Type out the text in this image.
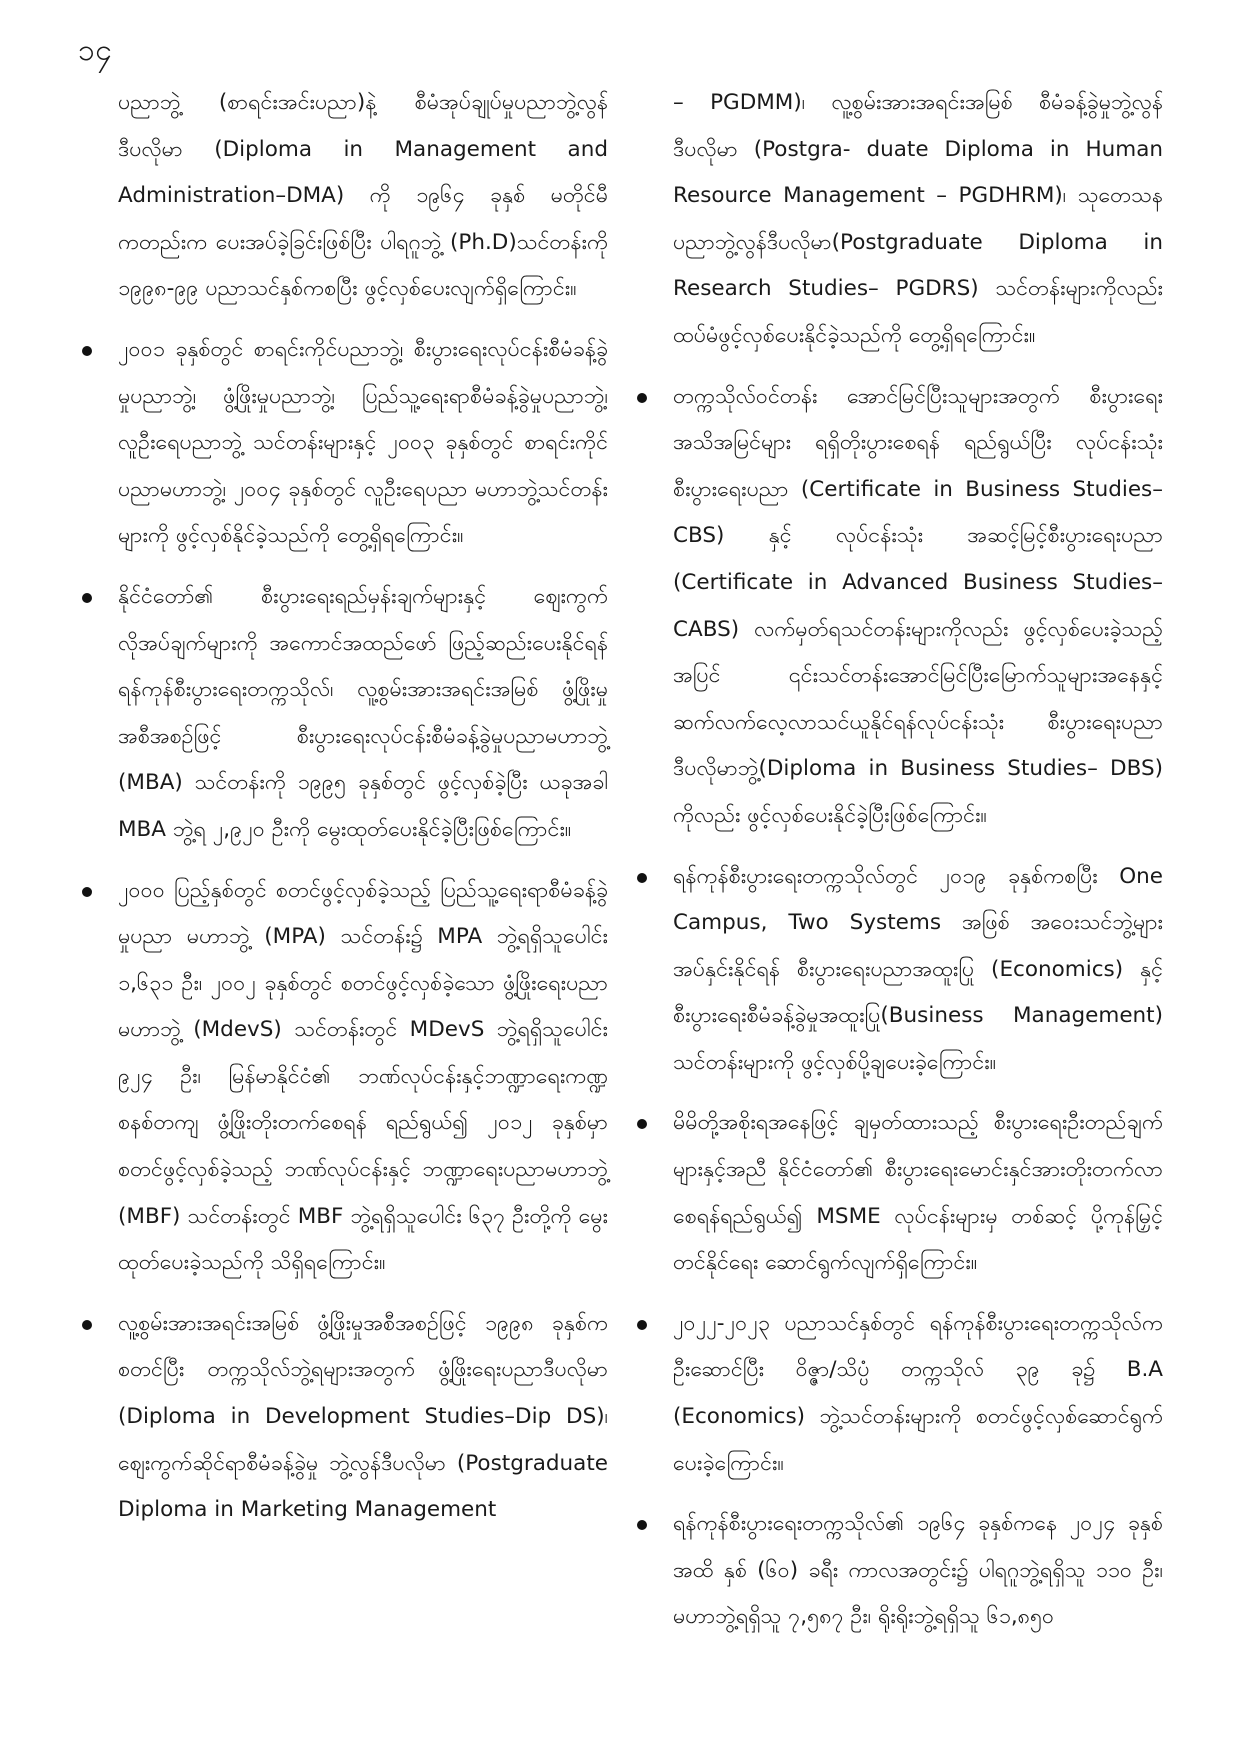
၁၄

ပညာဘွဲ့ (စာရင်းအင်းပညာ)နဲ့ စီမံအုပ်ချုပ်မှုပညာဘွဲ့လွန်ဒီပလိုမာ (Diploma in Management and Administration–DMA) ကို ၁၉၆၄ ခုနှစ် မတိုင်မီကတည်းက ပေးအပ်ခဲ့ခြင်းဖြစ်ပြီး ပါရဂူဘွဲ့ (Ph.D)သင်တန်းကို ၁၉၉၈-၉၉ ပညာသင်နှစ်ကစပြီး ဖွင့်လှစ်ပေးလျက်ရှိကြောင်း။

၂၀၀၁ ခုနှစ်တွင် စာရင်းကိုင်ပညာဘွဲ့၊ စီးပွားရေးလုပ်ငန်းစီမံခန့်ခွဲမှုပညာဘွဲ့၊ ဖွံ့ဖြိုးမှုပညာဘွဲ့၊ ပြည်သူ့ရေးရာစီမံခန့်ခွဲမှုပညာဘွဲ့၊ လူဦးရေပညာဘွဲ့ သင်တန်းများနှင့် ၂၀၀၃ ခုနှစ်တွင် စာရင်းကိုင်ပညာမဟာဘွဲ့၊ ၂၀၀၄ ခုနှစ်တွင် လူဦးရေပညာ မဟာဘွဲ့သင်တန်းများကို ဖွင့်လှစ်နိုင်ခဲ့သည်ကို တွေ့ရှိရကြောင်း။

နိုင်ငံတော်၏ စီးပွားရေးရည်မှန်းချက်များနှင့် ဈေးကွက်လိုအပ်ချက်များကို အကောင်အထည်ဖော် ဖြည့်ဆည်းပေးနိုင်ရန် ရန်ကုန်စီးပွားရေးတက္ကသိုလ်၊ လူ့စွမ်းအားအရင်းအမြစ် ဖွံ့ဖြိုးမှု အစီအစဉ်ဖြင့် စီးပွားရေးလုပ်ငန်းစီမံခန့်ခွဲမှုပညာမဟာဘွဲ့ (MBA) သင်တန်းကို ၁၉၉၅ ခုနှစ်တွင် ဖွင့်လှစ်ခဲ့ပြီး ယခုအခါ MBA ဘွဲ့ရ ၂,၉၂၀ ဦးကို မွေးထုတ်ပေးနိုင်ခဲ့ပြီးဖြစ်ကြောင်း။

၂၀၀၀ ပြည့်နှစ်တွင် စတင်ဖွင့်လှစ်ခဲ့သည့် ပြည်သူ့ရေးရာစီမံခန့်ခွဲမှုပညာ မဟာဘွဲ့ (MPA) သင်တန်း၌ MPA ဘွဲ့ရရှိသူပေါင်း ၁,၆၃၁ ဦး၊ ၂၀၀၂ ခုနှစ်တွင် စတင်ဖွင့်လှစ်ခဲ့သော ဖွံ့ဖြိုးရေးပညာမဟာဘွဲ့ (MdevS) သင်တန်းတွင် MDevS ဘွဲ့ရရှိသူပေါင်း ၉၂၄ ဦး၊ မြန်မာနိုင်ငံ၏ ဘဏ်လုပ်ငန်းနှင့်ဘဏ္ဍာရေးကဏ္ဍစနစ်တကျ ဖွံ့ဖြိုးတိုးတက်စေရန် ရည်ရွယ်၍ ၂၀၁၂ ခုနှစ်မှာ စတင်ဖွင့်လှစ်ခဲ့သည့် ဘဏ်လုပ်ငန်းနှင့် ဘဏ္ဍာရေးပညာမဟာဘွဲ့ (MBF) သင်တန်းတွင် MBF ဘွဲ့ရရှိသူပေါင်း ၆၃၇ ဦးတို့ကို မွေးထုတ်ပေးခဲ့သည်ကို သိရှိရကြောင်း။

လူ့စွမ်းအားအရင်းအမြစ် ဖွံ့ဖြိုးမှုအစီအစဉ်ဖြင့် ၁၉၉၈ ခုနှစ်ကစတင်ပြီး တက္ကသိုလ်ဘွဲ့ရများအတွက် ဖွံ့ဖြိုးရေးပညာဒီပလိုမာ (Diploma in Development Studies–Dip DS)၊ ဈေးကွက်ဆိုင်ရာစီမံခန့်ခွဲမှု ဘွဲ့လွန်ဒီပလိုမာ (Postgraduate Diploma in Marketing Management

– PGDMM)၊ လူ့စွမ်းအားအရင်းအမြစ် စီမံခန့်ခွဲမှုဘွဲ့လွန်ဒီပလိုမာ (Postgra- duate Diploma in Human Resource Management – PGDHRM)၊ သုတေသနပညာဘွဲ့လွန်ဒီပလိုမာ(Postgraduate Diploma in Research Studies– PGDRS) သင်တန်းများကိုလည်း ထပ်မံဖွင့်လှစ်ပေးနိုင်ခဲ့သည်ကို တွေ့ရှိရကြောင်း။

တက္ကသိုလ်ဝင်တန်း အောင်မြင်ပြီးသူများအတွက် စီးပွားရေးအသိအမြင်များ ရရှိတိုးပွားစေရန် ရည်ရွယ်ပြီး လုပ်ငန်းသုံး စီးပွားရေးပညာ (Certificate in Business Studies– CBS) နှင့် လုပ်ငန်းသုံး အဆင့်မြင့်စီးပွားရေးပညာ (Certificate in Advanced Business Studies– CABS) လက်မှတ်ရသင်တန်းများကိုလည်း ဖွင့်လှစ်ပေးခဲ့သည့်အပြင် ၎င်းသင်တန်းအောင်မြင်ပြီးမြောက်သူများအနေနှင့် ဆက်လက်လေ့လာသင်ယူနိုင်ရန်လုပ်ငန်းသုံး စီးပွားရေးပညာဒီပလိုမာဘွဲ့(Diploma in Business Studies– DBS) ကိုလည်း ဖွင့်လှစ်ပေးနိုင်ခဲ့ပြီးဖြစ်ကြောင်း။

ရန်ကုန်စီးပွားရေးတက္ကသိုလ်တွင် ၂၀၁၉ ခုနှစ်ကစပြီး One Campus, Two Systems အဖြစ် အဝေးသင်ဘွဲ့များ အပ်နှင်းနိုင်ရန် စီးပွားရေးပညာအထူးပြု (Economics) နှင့် စီးပွားရေးစီမံခန့်ခွဲမှုအထူးပြု(Business Management) သင်တန်းများကို ဖွင့်လှစ်ပို့ချပေးခဲ့ကြောင်း။

မိမိတို့အစိုးရအနေဖြင့် ချမှတ်ထားသည့် စီးပွားရေးဦးတည်ချက်များနှင့်အညီ နိုင်ငံတော်၏ စီးပွားရေးမောင်းနှင်အားတိုးတက်လာစေရန်ရည်ရွယ်၍ MSME လုပ်ငန်းများမှ တစ်ဆင့် ပို့ကုန်မြှင့်တင်နိုင်ရေး ဆောင်ရွက်လျက်ရှိကြောင်း။

၂၀၂၂-၂၀၂၃ ပညာသင်နှစ်တွင် ရန်ကုန်စီးပွားရေးတက္ကသိုလ်က ဦးဆောင်ပြီး ဝိဇ္ဇာ/သိပ္ပံ တက္ကသိုလ် ၃၉ ခု၌ B.A (Economics) ဘွဲ့သင်တန်းများကို စတင်ဖွင့်လှစ်ဆောင်ရွက်ပေးခဲ့ကြောင်း။

ရန်ကုန်စီးပွားရေးတက္ကသိုလ်၏ ၁၉၆၄ ခုနှစ်ကနေ ၂၀၂၄ ခုနှစ်အထိ နှစ် (၆၀) ခရီး ကာလအတွင်း၌ ပါရဂူဘွဲ့ရရှိသူ ၁၁၀ ဦး၊ မဟာဘွဲ့ရရှိသူ ၇,၅၈၇ ဦး၊ ရိုးရိုးဘွဲ့ရရှိသူ ၆၁,၈၅၀
